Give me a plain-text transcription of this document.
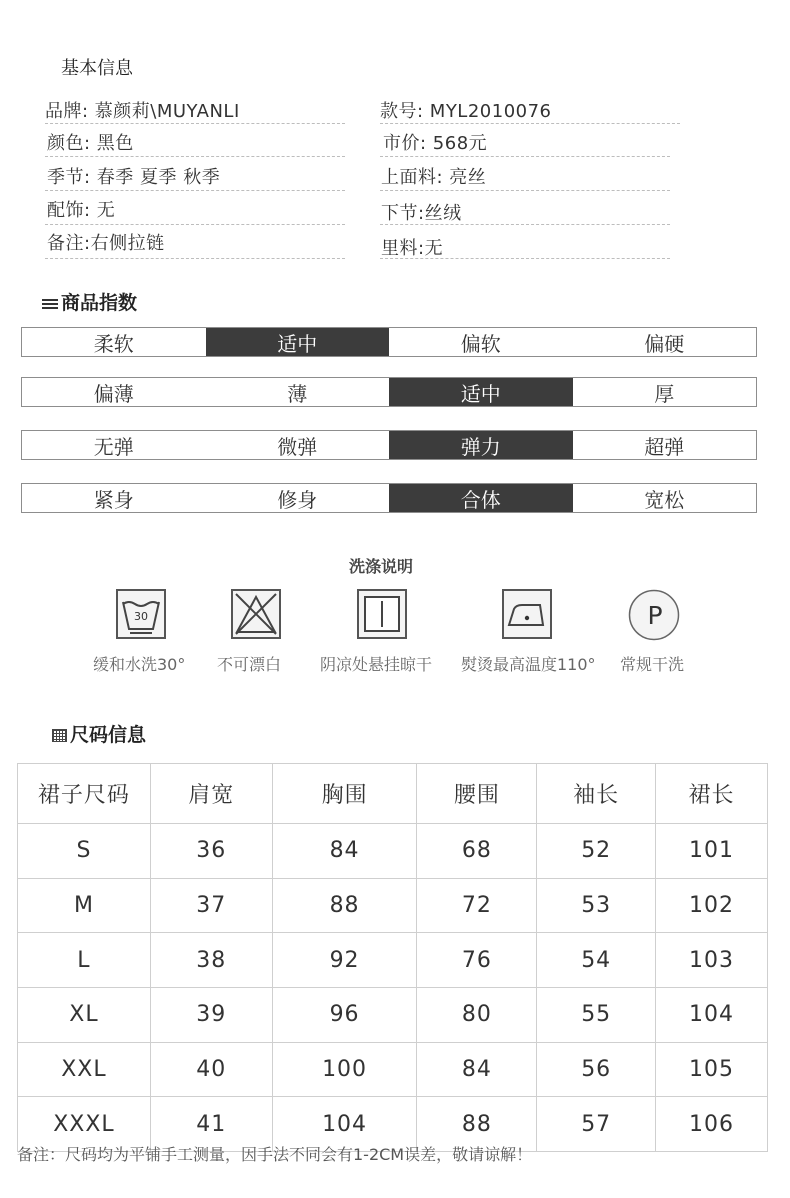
基本信息
品牌: 慕颜莉\MUYANLI	款号: MYL2010076
颜色: 黑色	市价: 568元
季节: 春季 夏季 秋季	上面料: 亮丝
配饰: 无	下节:丝绒
备注:右侧拉链	里料:无
商品指数
柔软	适中	偏软	偏硬
偏薄	薄	适中	厚
无弹	微弹	弹力	超弹
紧身	修身	合体	宽松
洗涤说明
30	P
缓和水洗30° 不可漂白 阴凉处悬挂晾干 熨烫最高温度110° 常规干洗
尺码信息
裙子尺码	肩宽	胸围	腰围	袖长	裙长
S	36	84	68	52	101
M	37	88	72	53	102
L	38	92	76	54	103
XL	39	96	80	55	104
XXL	40	100	84	56	105
XXXL	41	104	88	57	106
备注：尺码均为平铺手工测量，因手法不同会有1-2CM误差，敬请谅解！
